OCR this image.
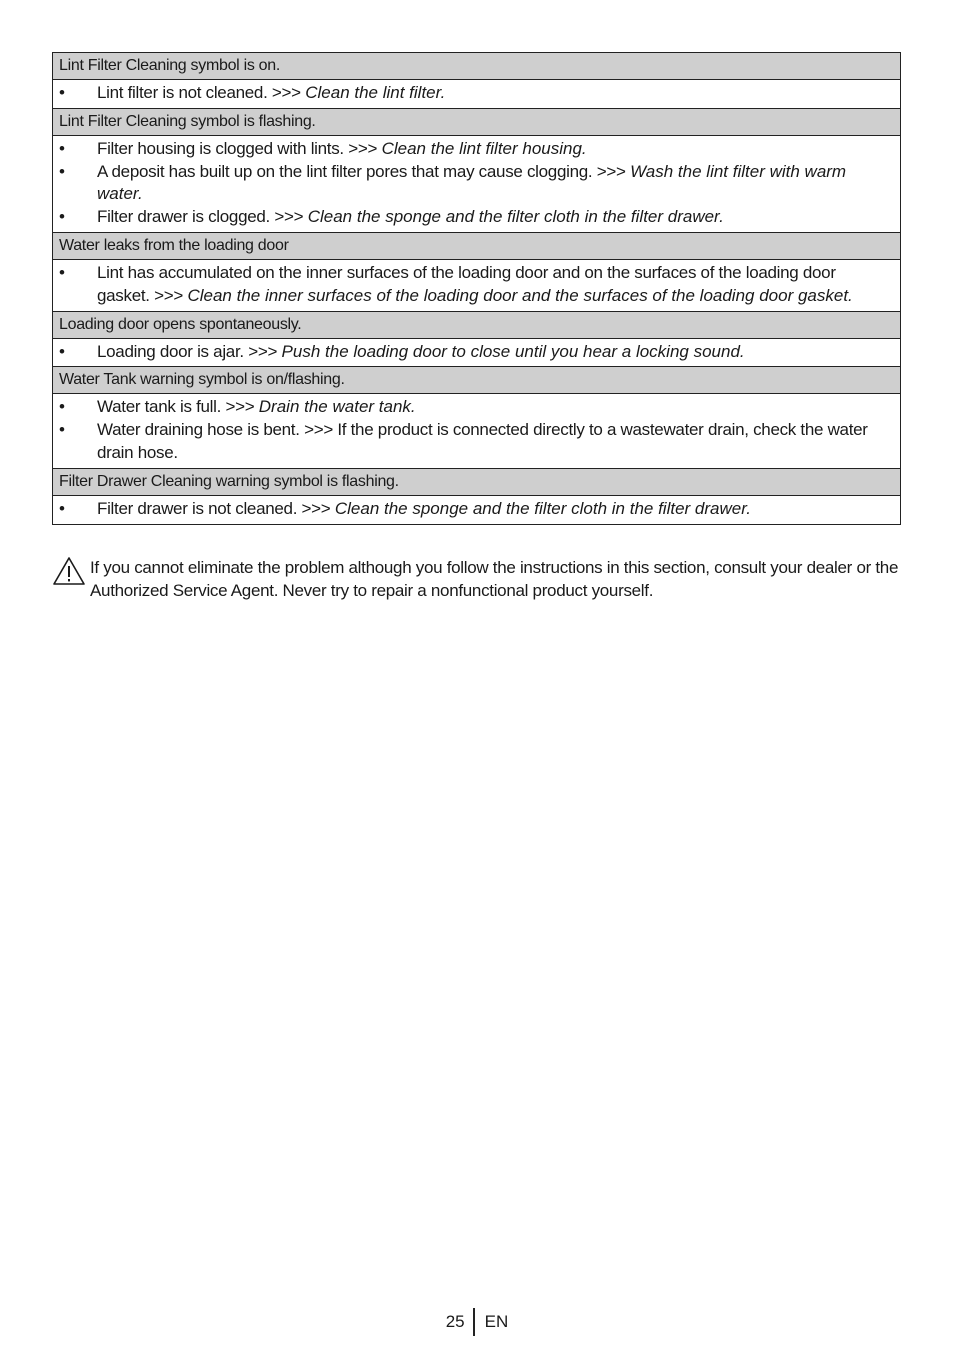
Lint Filter Cleaning symbol is on.
•	Lint filter is not cleaned. >>> Clean the lint filter.
Lint Filter Cleaning symbol is flashing.
•	Filter housing is clogged with lints. >>> Clean the lint filter housing.
•	A deposit has built up on the lint filter pores that may cause clogging. >>> Wash the lint filter with warm water.
•	Filter drawer is clogged. >>> Clean the sponge and the filter cloth in the filter drawer.
Water leaks from the loading door
•	Lint has accumulated on the inner surfaces of the loading door and on the surfaces of the loading door gasket. >>> Clean the inner surfaces of the loading door and the surfaces of the loading door gasket.
Loading door opens spontaneously.
•	Loading door is ajar. >>> Push the loading door to close until you hear a locking sound.
Water Tank warning symbol is on/flashing.
•	Water tank is full. >>> Drain the water tank.
•	Water draining hose is bent. >>> If the product is connected directly to a wastewater drain, check the water drain hose.
Filter Drawer Cleaning warning symbol is flashing.
•	Filter drawer is not cleaned. >>> Clean the sponge and the filter cloth in the filter drawer.
If you cannot eliminate the problem although you follow the instructions in this section, consult your dealer or the Authorized Service Agent. Never try to repair a nonfunctional product yourself.
25 EN
